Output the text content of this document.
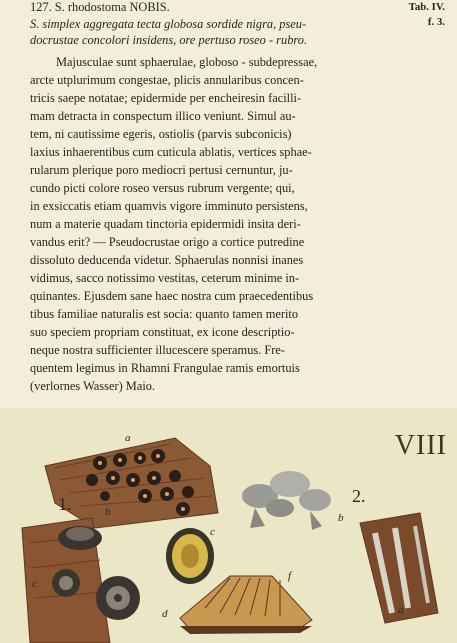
127. S. rhodostoma NOBIS.	Tab. IV.
f. 3.
S. simplex aggregata tecta globosa sordide nigra, pseu-
docrustae concolori insidens, ore pertuso roseo - rubro.
Majusculae sunt sphaerulae, globoso - subdepressae,
arcte utplurimum congestae, plicis annularibus concen-
tricis saepe notatae; epidermide per encheiresin facilli-
mam detracta in conspectum illico veniunt. Simul au-
tem, ni cautissime egeris, ostiolis (parvis subconicis)
laxius inhaerentibus cum cuticula ablatis, vertices sphae-
rularum plerique poro mediocri pertusi cernuntur, ju-
cundo picti colore roseo versus rubrum vergente; qui,
in exsiccatis etiam quamvis vigore imminuto persistens,
num a materie quadam tinctoria epidermidi insita deri-
vandus erit? — Pseudocrustae origo a cortice putredine
dissoluto deducenda videtur. Sphaerulas nonnisi inanes
vidimus, sacco notissimo vestitas, ceterum minime in-
quinantes. Ejusdem sane haec nostra cum praecedentibus
tibus familiae naturalis est socia: quanto tamen merito
suo speciem propriam constituat, ex icone descriptio-
neque nostra sufficienter illucescere speramus. Fre-
quentem legimus in Rhamni Frangulae ramis emortuis
(verlornes Wasser) Maio.
VIII
1.	2.
a
b
c
c
d
f
b
a
